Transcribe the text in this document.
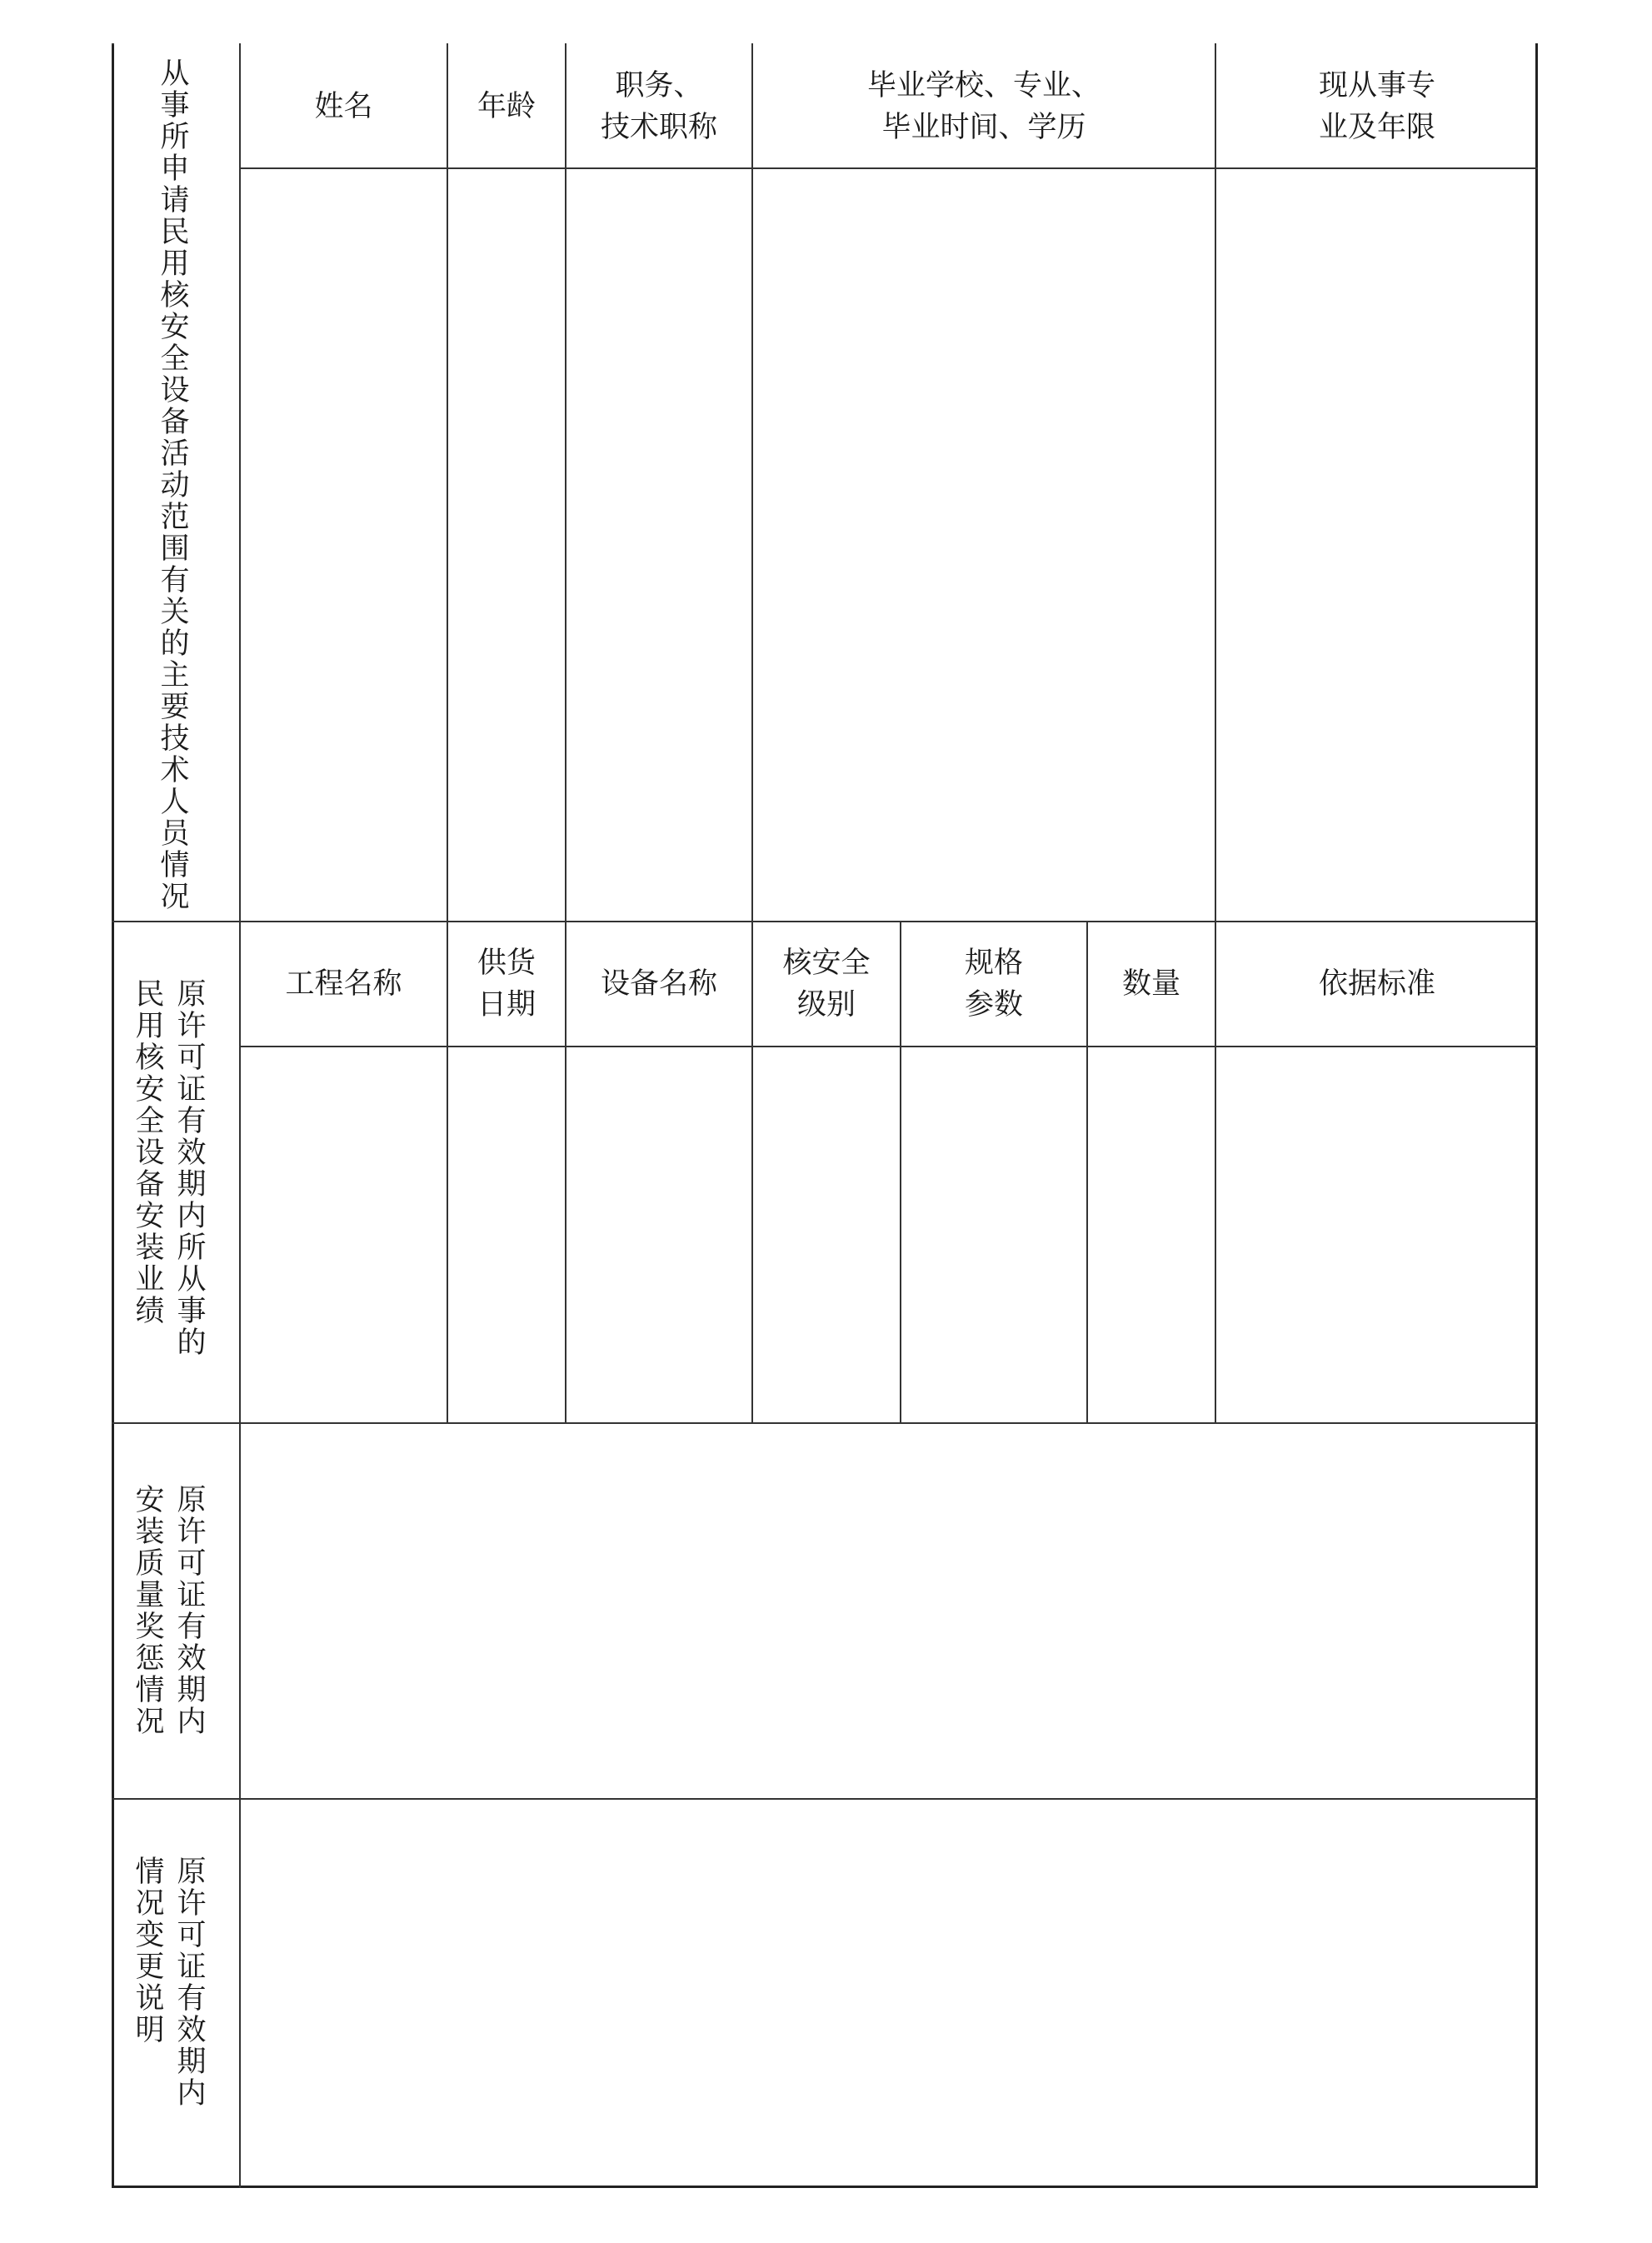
从
事
所
申
请
民
用
核
安
全
设
备
活
动
范
围
有
关
的
主
要
技
术
人
员
情
况
姓名	年龄
职务、
技术职称
毕业学校、专业、
毕业时间、学历
现从事专
业及年限
原
许
可
证
有
效
期
内
所
从
事
的
民
用
核
安
全
设
备
安
装
业
绩
工程名称
供货
日期
设备名称
核安全
级别
规格
参数
数量	依据标准
原
许
可
证
有
效
期
内
安
装
质
量
奖
惩
情
况
原
许
可
证
有
效
期
内
情
况
变
更
说
明
